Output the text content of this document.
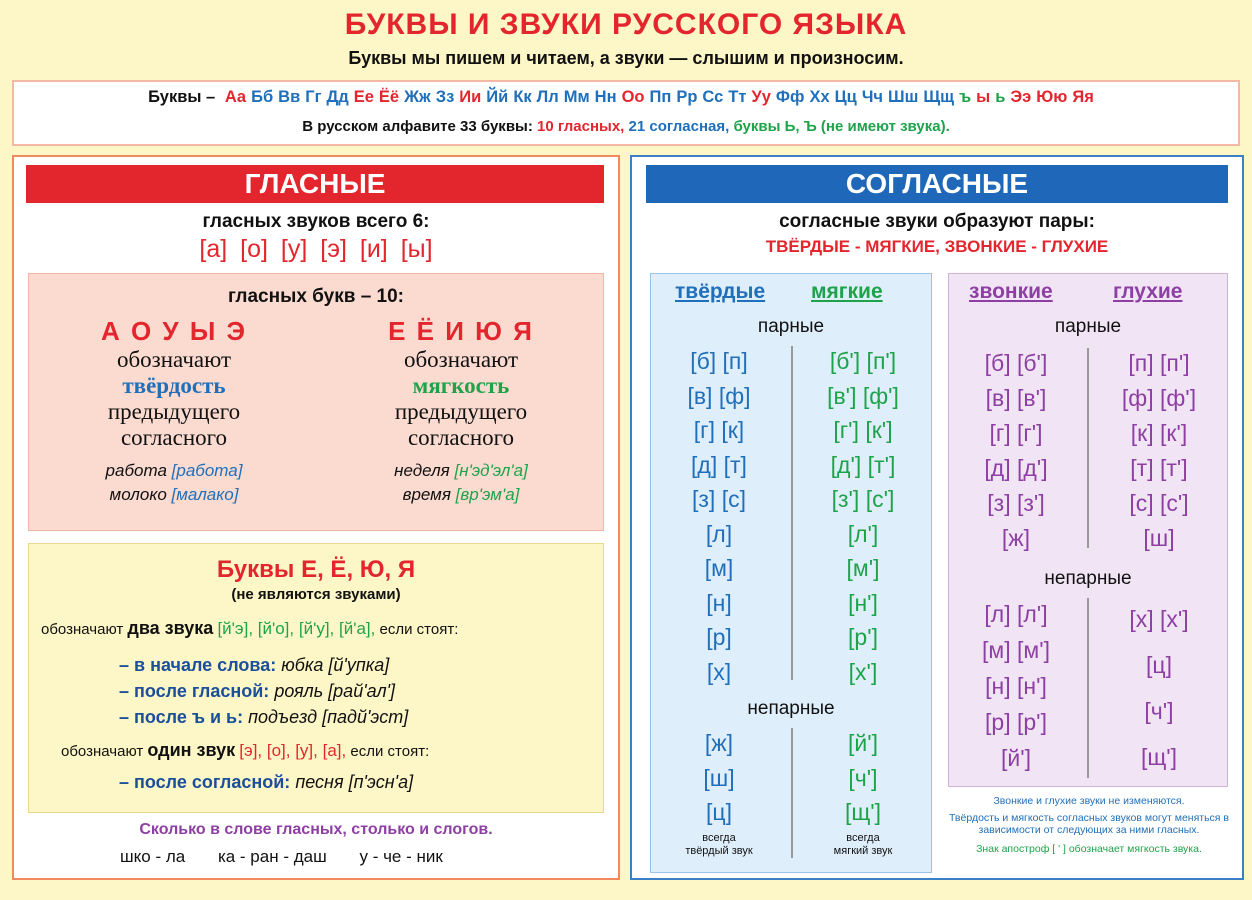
БУКВЫ И ЗВУКИ РУССКОГО ЯЗЫКА
Буквы мы пишем и читаем, а звуки — слышим и произносим.
Буквы – Аа Бб Вв Гг Дд Ее Ёё Жж Зз Ии Йй Кк Лл Мм Нн Оо Пп Рр Сс Тт Уу Фф Хх Цц Чч Шш Щщ ъ ы ь Ээ Юю Яя
В русском алфавите 33 буквы: 10 гласных, 21 согласная, буквы Ь, Ъ (не имеют звука).
ГЛАСНЫЕ
гласных звуков всего 6:
[а] [о] [у] [э] [и] [ы]
гласных букв – 10:
А О У Ы Э
обозначают
твёрдость
предыдущего
согласного
работа [работа]
молоко [малако]
Е Ё И Ю Я
обозначают
мягкость
предыдущего
согласного
неделя [н'эд'эл'а]
время [вр'эм'а]
Буквы Е, Ё, Ю, Я
(не являются звуками)
обозначают два звука [й'э], [й'о], [й'у], [й'а], если стоят:
– в начале слова: юбка [й'упка]
– после гласной: рояль [рай'ал']
– после ъ и ь: подъезд [падй'эст]
обозначают один звук [э], [о], [у], [а], если стоят:
– после согласной: песня [п'эсн'а]
Сколько в слове гласных, столько и слогов.
шко - ла ка - ран - даш у - че - ник
СОГЛАСНЫЕ
согласные звуки образуют пары:
ТВЁРДЫЕ - МЯГКИЕ, ЗВОНКИЕ - ГЛУХИЕ
твёрдые мягкие
парные
[б] [п]
[в] [ф]
[г] [к]
[д] [т]
[з] [с]
[л]
[м]
[н]
[р]
[х]
[б'] [п']
[в'] [ф']
[г'] [к']
[д'] [т']
[з'] [с']
[л']
[м']
[н']
[р']
[х']
непарные
[ж]
[ш]
[ц]
[й']
[ч']
[щ']
всегда
твёрдый звук
всегда
мягкий звук
звонкие	глухие
парные
[б] [б']
[в] [в']
[г] [г']
[д] [д']
[з] [з']
[ж]
[п] [п']
[ф] [ф']
[к] [к']
[т] [т']
[с] [с']
[ш]
непарные
[л] [л']
[м] [м']
[н] [н']
[р] [р']
[й']
[х] [х']
[ц]
[ч']
[щ']
Звонкие и глухие звуки не изменяются.
Твёрдость и мягкость согласных звуков могут меняться в зависимости от следующих за ними гласных.
Знак апостроф [ ' ] обозначает мягкость звука.
